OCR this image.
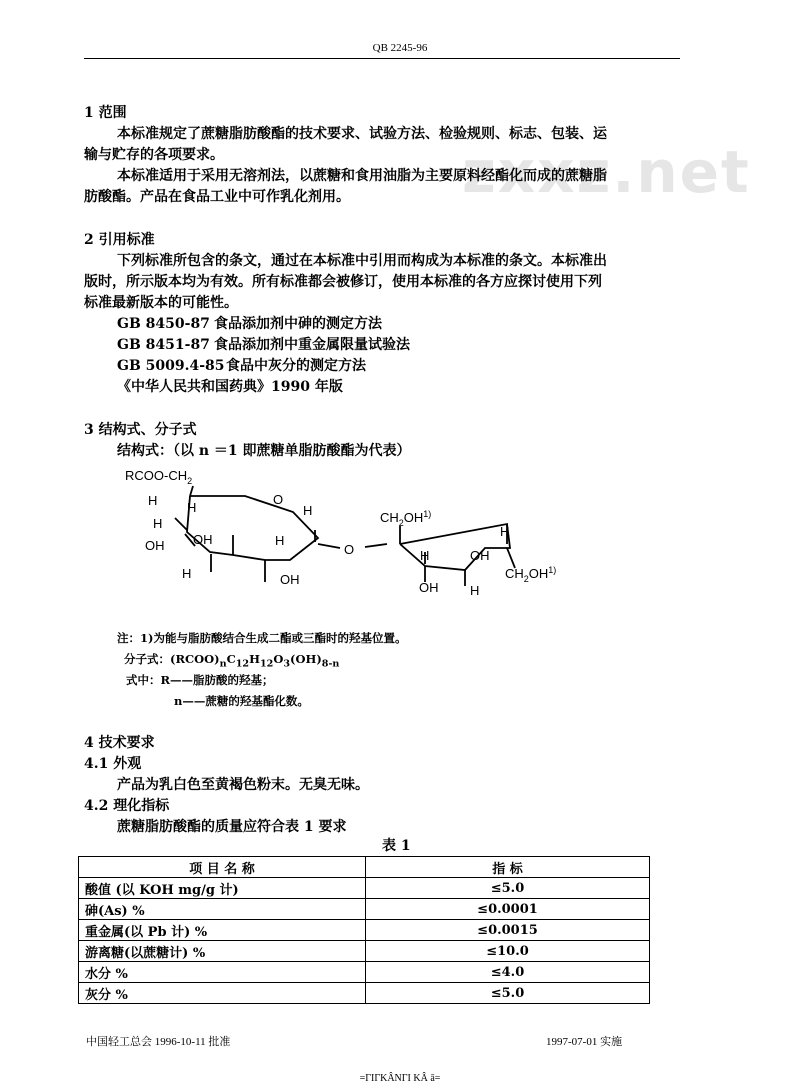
QB 2245-96
zxxz.net
1 范围
本标准规定了蔗糖脂肪酸酯的技术要求、试验方法、检验规则、标志、包装、运
输与贮存的各项要求。
本标准适用于采用无溶剂法，以蔗糖和食用油脂为主要原料经酯化而成的蔗糖脂
肪酸酯。产品在食品工业中可作乳化剂用。
2 引用标准
下列标准所包含的条文，通过在本标准中引用而构成为本标准的条文。本标准出
版时，所示版本均为有效。所有标准都会被修订，使用本标准的各方应探讨使用下列
标准最新版本的可能性。
GB 8450-87 食品添加剂中砷的测定方法
GB 8451-87 食品添加剂中重金属限量试验法
GB 5009.4-85 食品中灰分的测定方法
《中华人民共和国药典》1990 年版
3 结构式、分子式
结构式：（以 n ＝1 即蔗糖单脂肪酸酯为代表）
RCOO-$CH_2$
H
H
H
O
H
OH OH
H
H
OH
O
$CH_2OH^{1)}$
H	OH
H
OH H
$CH_2OH^{1)}$
注：1)为能与脂肪酸结合生成二酯或三酯时的羟基位置。
分子式：$(RCOO)_nC_{12}H_{12}O_3(OH)_{8-n}$
式中：R——脂肪酸的羟基；
n——蔗糖的羟基酯化数。
4 技术要求
4.1 外观
产品为乳白色至黄褐色粉末。无臭无味。
4.2 理化指标
蔗糖脂肪酸酯的质量应符合表 1 要求
表 1
项 目 名 称	指 标
酸值 (以 KOH mg/g 计)	≤5.0
砷(As) %	≤0.0001
重金属(以 Pb 计) %	≤0.0015
游离糖(以蔗糖计) %	≤10.0
水分 %	≤4.0
灰分 %	≤5.0
中国轻工总会 1996-10-11 批准	1997-07-01 实施
=ΓΙΓΚÂΝΓΙ ΚÂ ā=
